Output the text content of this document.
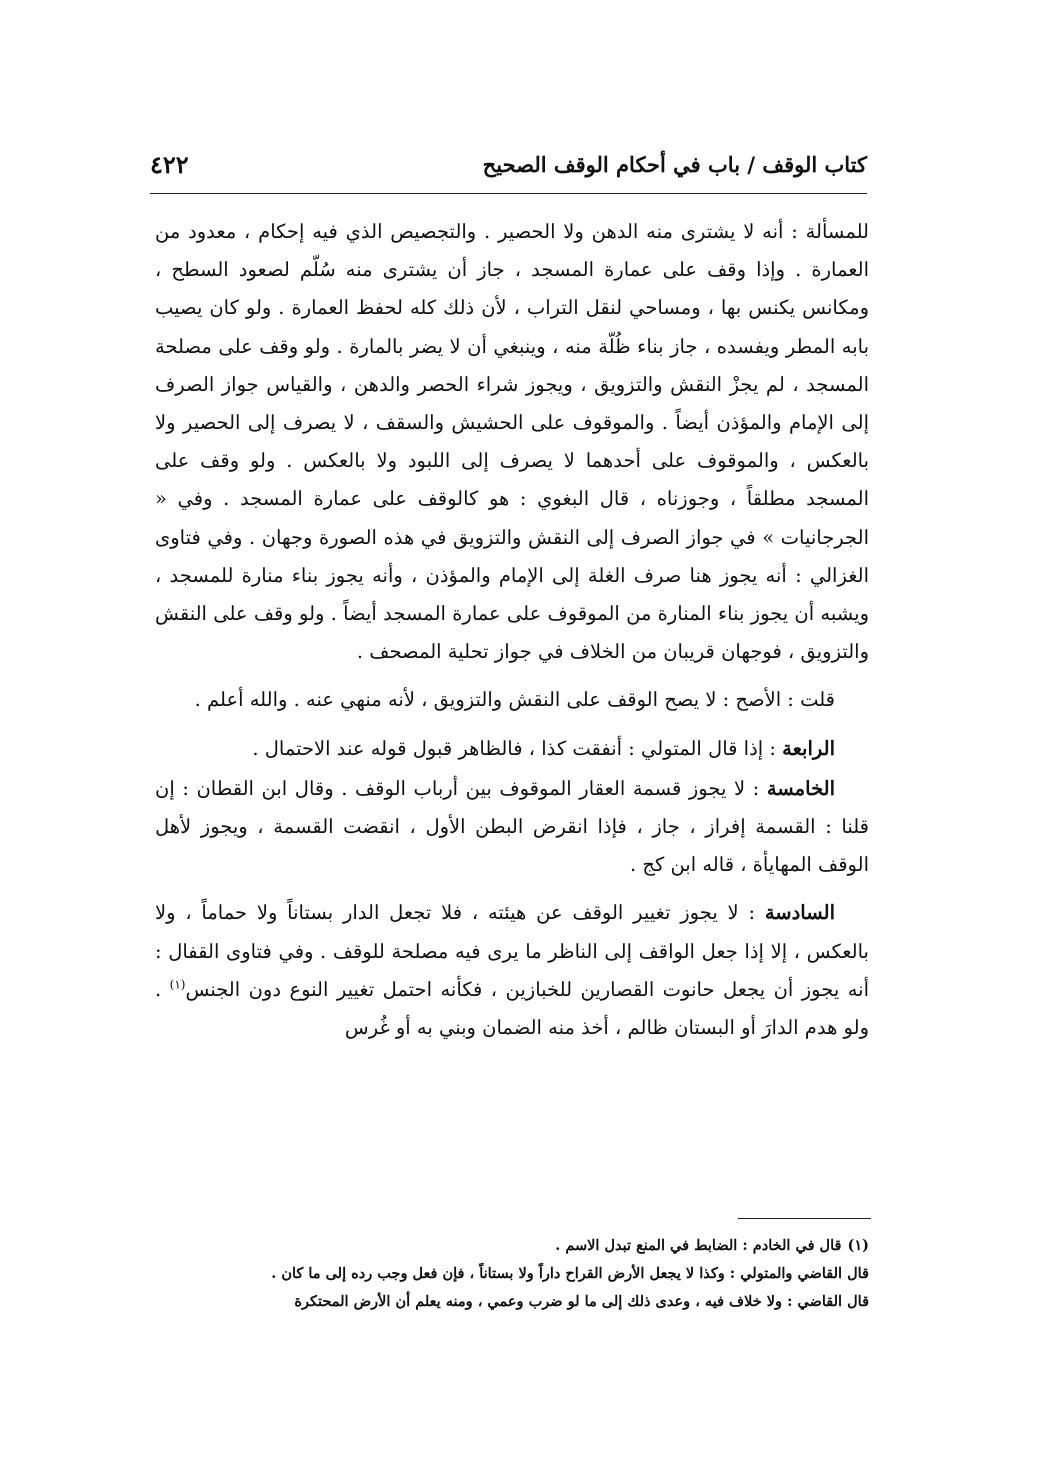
كتاب الوقف / باب في أحكام الوقف الصحيح
٤٢٢

للمسألة : أنه لا يشترى منه الدهن ولا الحصير . والتجصيص الذي فيه إحكام ، معدود من العمارة . وإذا وقف على عمارة المسجد ، جاز أن يشترى منه سُلّم لصعود السطح ، ومكانس يكنس بها ، ومساحي لنقل التراب ، لأن ذلك كله لحفظ العمارة . ولو كان يصيب بابه المطر ويفسده ، جاز بناء ظُلّة منه ، وينبغي أن لا يضر بالمارة . ولو وقف على مصلحة المسجد ، لم يجزْ النقش والتزويق ، ويجوز شراء الحصر والدهن ، والقياس جواز الصرف إلى الإمام والمؤذن أيضاً . والموقوف على الحشيش والسقف ، لا يصرف إلى الحصير ولا بالعكس ، والموقوف على أحدهما لا يصرف إلى اللبود ولا بالعكس . ولو وقف على المسجد مطلقاً ، وجوزناه ، قال البغوي : هو كالوقف على عمارة المسجد . وفي « الجرجانيات » في جواز الصرف إلى النقش والتزويق في هذه الصورة وجهان . وفي فتاوى الغزالي : أنه يجوز هنا صرف الغلة إلى الإمام والمؤذن ، وأنه يجوز بناء منارة للمسجد ، ويشبه أن يجوز بناء المنارة من الموقوف على عمارة المسجد أيضاً . ولو وقف على النقش والتزويق ، فوجهان قريبان من الخلاف في جواز تحلية المصحف .

قلت : الأصح : لا يصح الوقف على النقش والتزويق ، لأنه منهي عنه . والله أعلم .

الرابعة : إذا قال المتولي : أنفقت كذا ، فالظاهر قبول قوله عند الاحتمال .

الخامسة : لا يجوز قسمة العقار الموقوف بين أرباب الوقف . وقال ابن القطان : إن قلنا : القسمة إفراز ، جاز ، فإذا انقرض البطن الأول ، انقضت القسمة ، ويجوز لأهل الوقف المهايأة ، قاله ابن كج .

السادسة : لا يجوز تغيير الوقف عن هيئته ، فلا تجعل الدار بستاناً ولا حماماً ، ولا بالعكس ، إلا إذا جعل الواقف إلى الناظر ما يرى فيه مصلحة للوقف . وفي فتاوى القفال : أنه يجوز أن يجعل حانوت القصارين للخبازين ، فكأنه احتمل تغيير النوع دون الجنس$^{(١)}$ . ولو هدم الدارَ أو البستان ظالم ، أخذ منه الضمان وبني به أو غُرس

(١)قال في الخادم : الضابط في المنع تبدل الاسم .

قال القاضي والمتولي : وكذا لا يجعل الأرض القراح داراً ولا بستاناً ، فإن فعل وجب رده إلى ما كان .

قال القاضي : ولا خلاف فيه ، وعدى ذلك إلى ما لو ضرب وعمي ، ومنه يعلم أن الأرض المحتكرة
